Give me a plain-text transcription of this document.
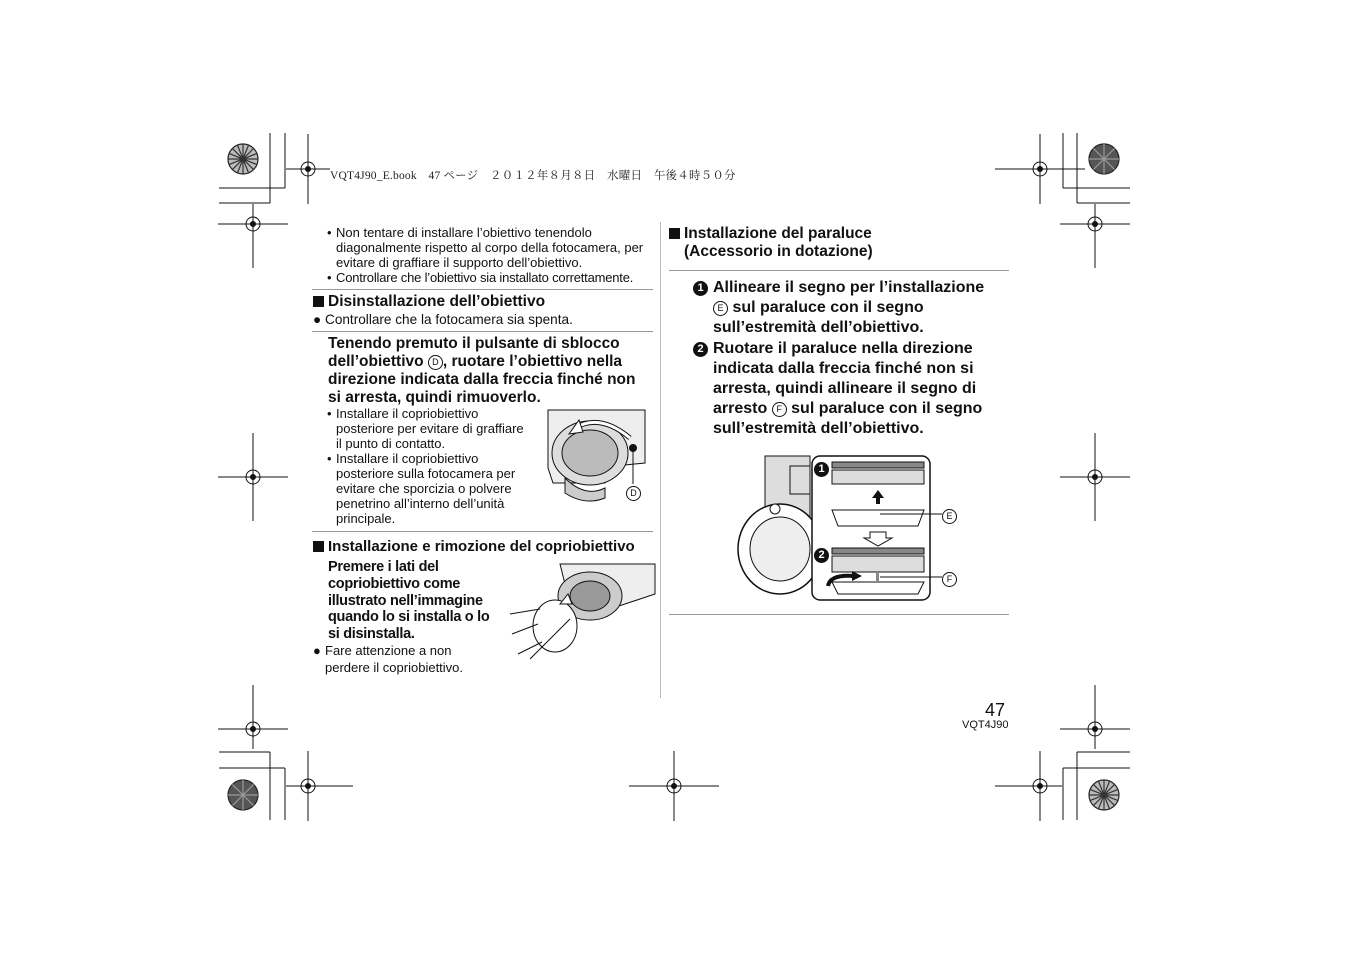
VQT4J90_E.book　47 ページ　２０１２年８月８日　水曜日　午後４時５０分
• Non tentare di installare l’obiettivo tenendolo diagonalmente rispetto al corpo della fotocamera, per evitare di graffiare il supporto dell’obiettivo.
• Controllare che l’obiettivo sia installato correttamente.
Disinstallazione dell’obiettivo
● Controllare che la fotocamera sia spenta.
Tenendo premuto il pulsante di sblocco dell’obiettivo D , ruotare l’obiettivo nella direzione indicata dalla freccia finché non si arresta, quindi rimuoverlo.
• Installare il copriobiettivo posteriore per evitare di graffiare il punto di contatto.
• Installare il copriobiettivo posteriore sulla fotocamera per evitare che sporcizia o polvere penetrino all’interno dell’unità principale.
D
Installazione e rimozione del copriobiettivo
Premere i lati del copriobiettivo come illustrato nell’immagine quando lo si installa o lo si disinstalla.
● Fare attenzione a non perdere il copriobiettivo.
Installazione del paraluce
(Accessorio in dotazione)
1 Allineare il segno per l’installazione E sul paraluce con il segno sull’estremità dell’obiettivo.
2 Ruotare il paraluce nella direzione indicata dalla freccia finché non si arresta, quindi allineare il segno di arresto F sul paraluce con il segno sull’estremità dell’obiettivo.
1
2
E
F
47
VQT4J90
